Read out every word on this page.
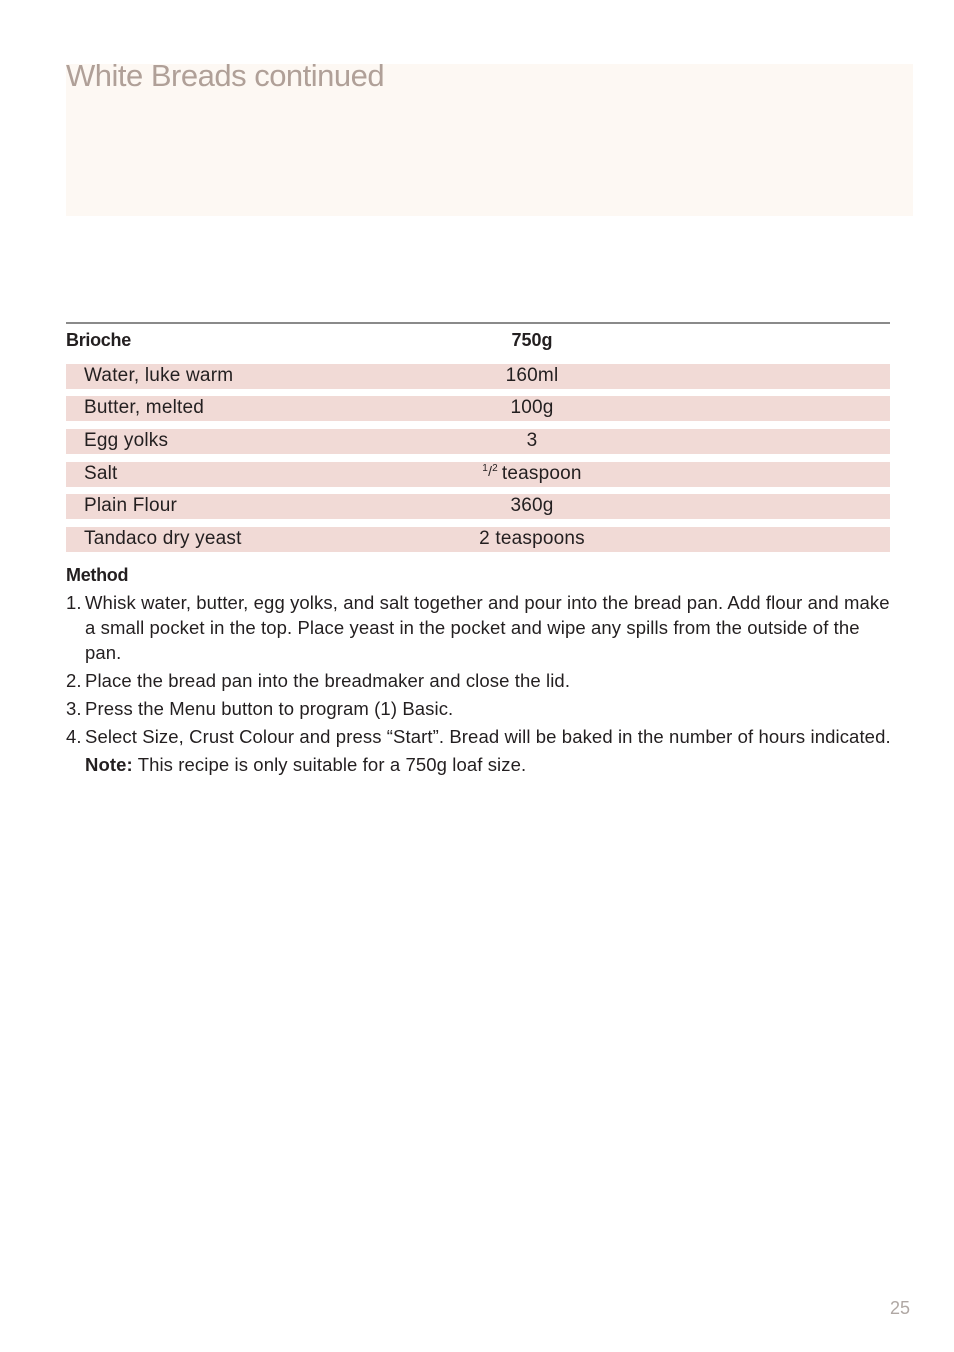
White Breads continued
Brioche	750g
Water, luke warm	160ml
Butter, melted	100g
Egg yolks	3
Salt	1 / 2 teaspoon
Plain Flour	360g
Tandaco dry yeast	2 teaspoons
Method
1. Whisk water, butter, egg yolks, and salt together and pour into the bread pan. Add flour and make a small pocket in the top. Place yeast in the pocket and wipe any spills from the outside of the pan.
2. Place the bread pan into the breadmaker and close the lid.
3. Press the Menu button to program (1) Basic.
4. Select Size, Crust Colour and press “Start”. Bread will be baked in the number of hours indicated.
Note: This recipe is only suitable for a 750g loaf size.
25
